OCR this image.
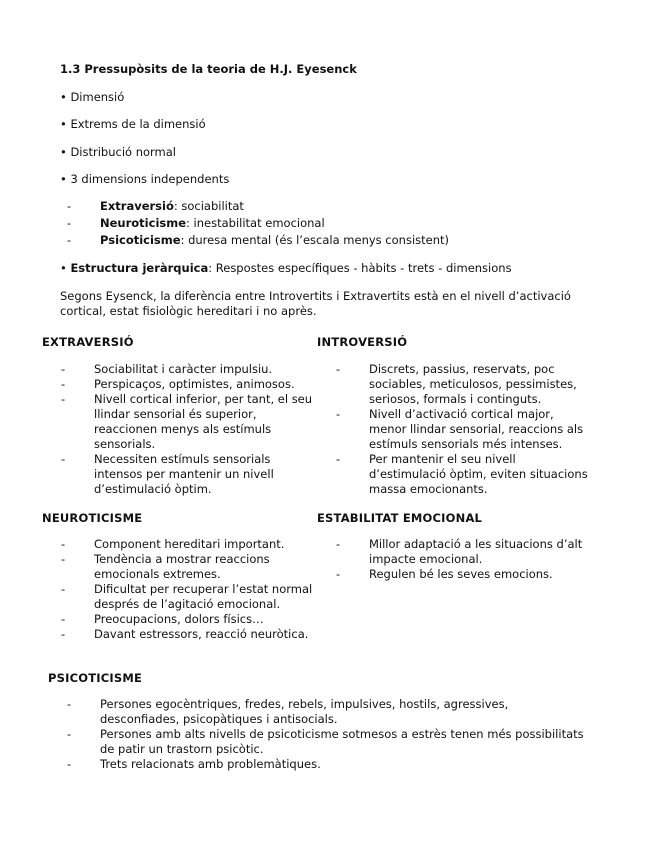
1.3 Pressupòsits de la teoria de H.J. Eyesenck
• Dimensió
• Extrems de la dimensió
• Distribució normal
• 3 dimensions independents
- Extraversió: sociabilitat
- Neuroticisme: inestabilitat emocional
- Psicoticisme: duresa mental (és l’escala menys consistent)
• Estructura jeràrquica: Respostes específiques - hàbits - trets - dimensions
Segons Eysenck, la diferència entre Introvertits i Extravertits està en el nivell d’activació cortical, estat fisiològic hereditari i no après.
EXTRAVERSIÓ
- Sociabilitat i caràcter impulsiu.
- Perspicaços, optimistes, animosos.
- Nivell cortical inferior, per tant, el seu llindar sensorial és superior, reaccionen menys als estímuls sensorials.
- Necessiten estímuls sensorials intensos per mantenir un nivell d’estimulació òptim.
INTROVERSIÓ
- Discrets, passius, reservats, poc sociables, meticulosos, pessimistes, seriosos, formals i continguts.
- Nivell d’activació cortical major, menor llindar sensorial, reaccions als estímuls sensorials més intenses.
- Per mantenir el seu nivell d’estimulació òptim, eviten situacions massa emocionants.
NEUROTICISME
- Component hereditari important.
- Tendència a mostrar reaccions emocionals extremes.
- Dificultat per recuperar l’estat normal després de l’agitació emocional.
- Preocupacions, dolors físics…
- Davant estressors, reacció neuròtica.
ESTABILITAT EMOCIONAL
- Millor adaptació a les situacions d’alt impacte emocional.
- Regulen bé les seves emocions.
PSICOTICISME
- Persones egocèntriques, fredes, rebels, impulsives, hostils, agressives, desconfiades, psicopàtiques i antisocials.
- Persones amb alts nivells de psicoticisme sotmesos a estrès tenen més possibilitats de patir un trastorn psicòtic.
- Trets relacionats amb problemàtiques.
